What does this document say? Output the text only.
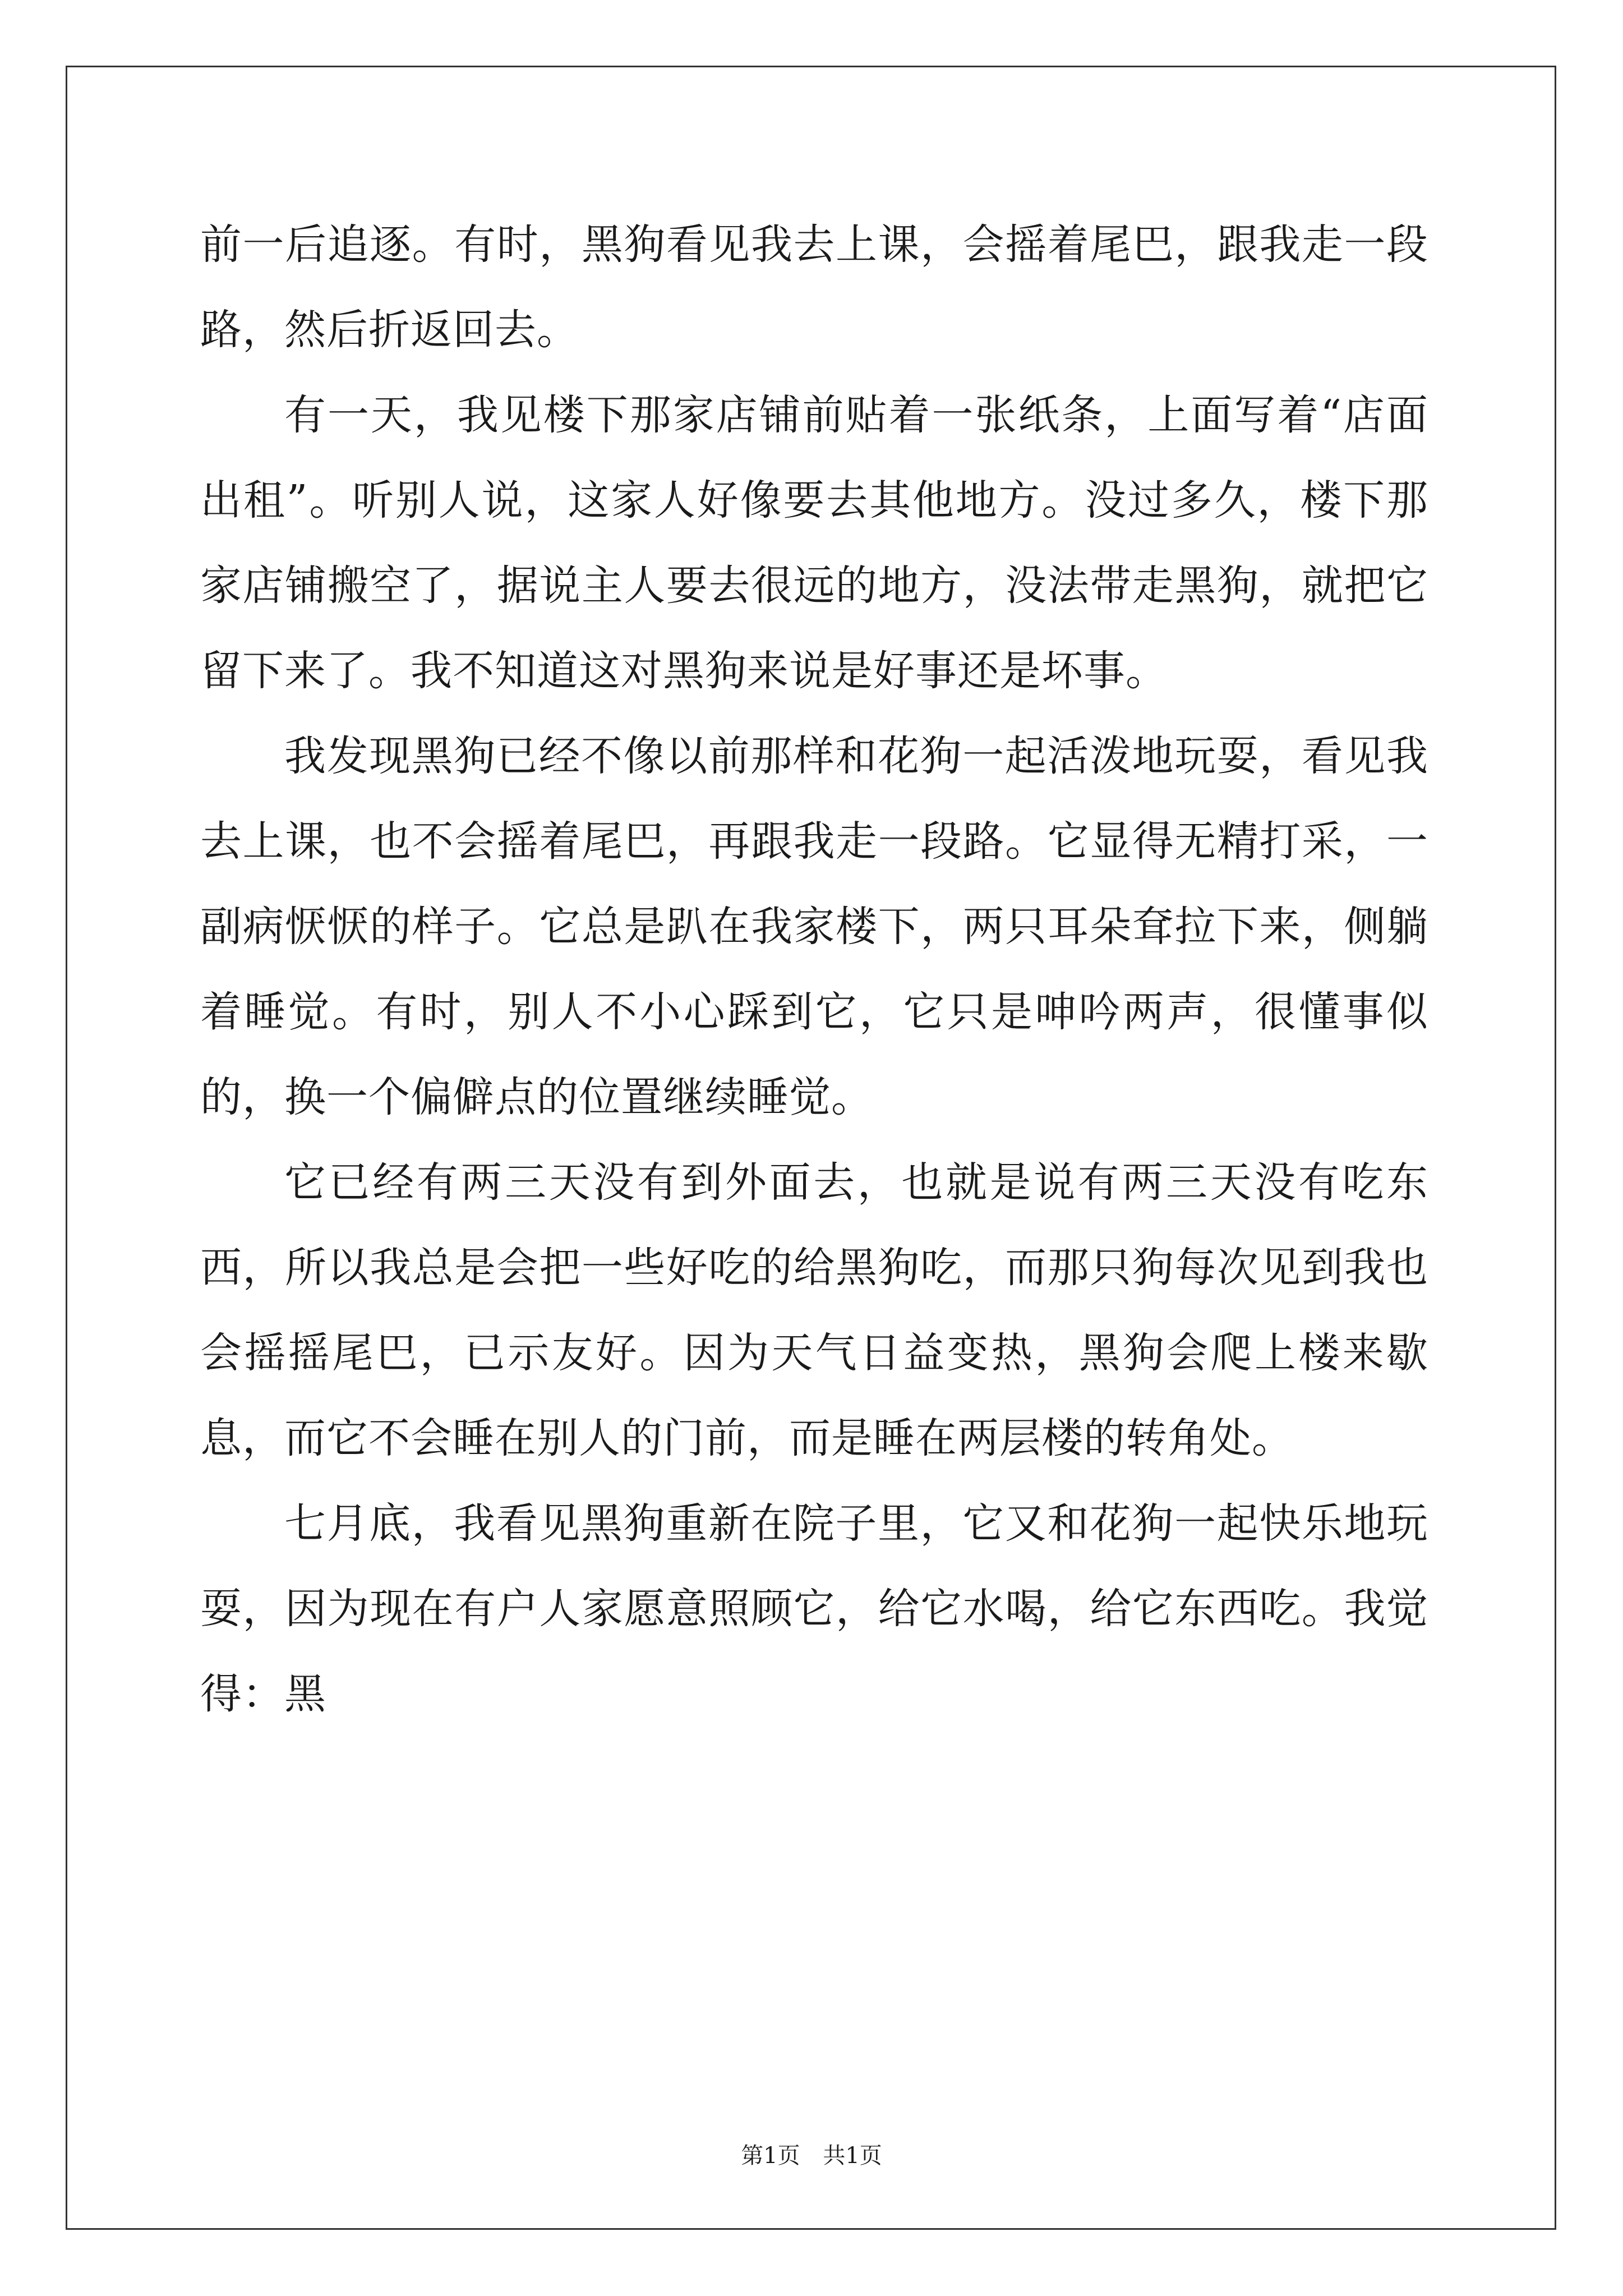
前一后追逐。有时，黑狗看见我去上课，会摇着尾巴，跟我走一段路，然后折返回去。

有一天，我见楼下那家店铺前贴着一张纸条，上面写着“店面出租”。听别人说，这家人好像要去其他地方。没过多久，楼下那家店铺搬空了，据说主人要去很远的地方，没法带走黑狗，就把它留下来了。我不知道这对黑狗来说是好事还是坏事。

我发现黑狗已经不像以前那样和花狗一起活泼地玩耍，看见我去上课，也不会摇着尾巴，再跟我走一段路。它显得无精打采，一副病恹恹的样子。它总是趴在我家楼下，两只耳朵耷拉下来，侧躺着睡觉。有时，别人不小心踩到它，它只是呻吟两声，很懂事似的，换一个偏僻点的位置继续睡觉。

它已经有两三天没有到外面去，也就是说有两三天没有吃东西，所以我总是会把一些好吃的给黑狗吃，而那只狗每次见到我也会摇摇尾巴，已示友好。因为天气日益变热，黑狗会爬上楼来歇息，而它不会睡在别人的门前，而是睡在两层楼的转角处。

七月底，我看见黑狗重新在院子里，它又和花狗一起快乐地玩耍，因为现在有户人家愿意照顾它，给它水喝，给它东西吃。我觉得：黑

第1页 共1页
